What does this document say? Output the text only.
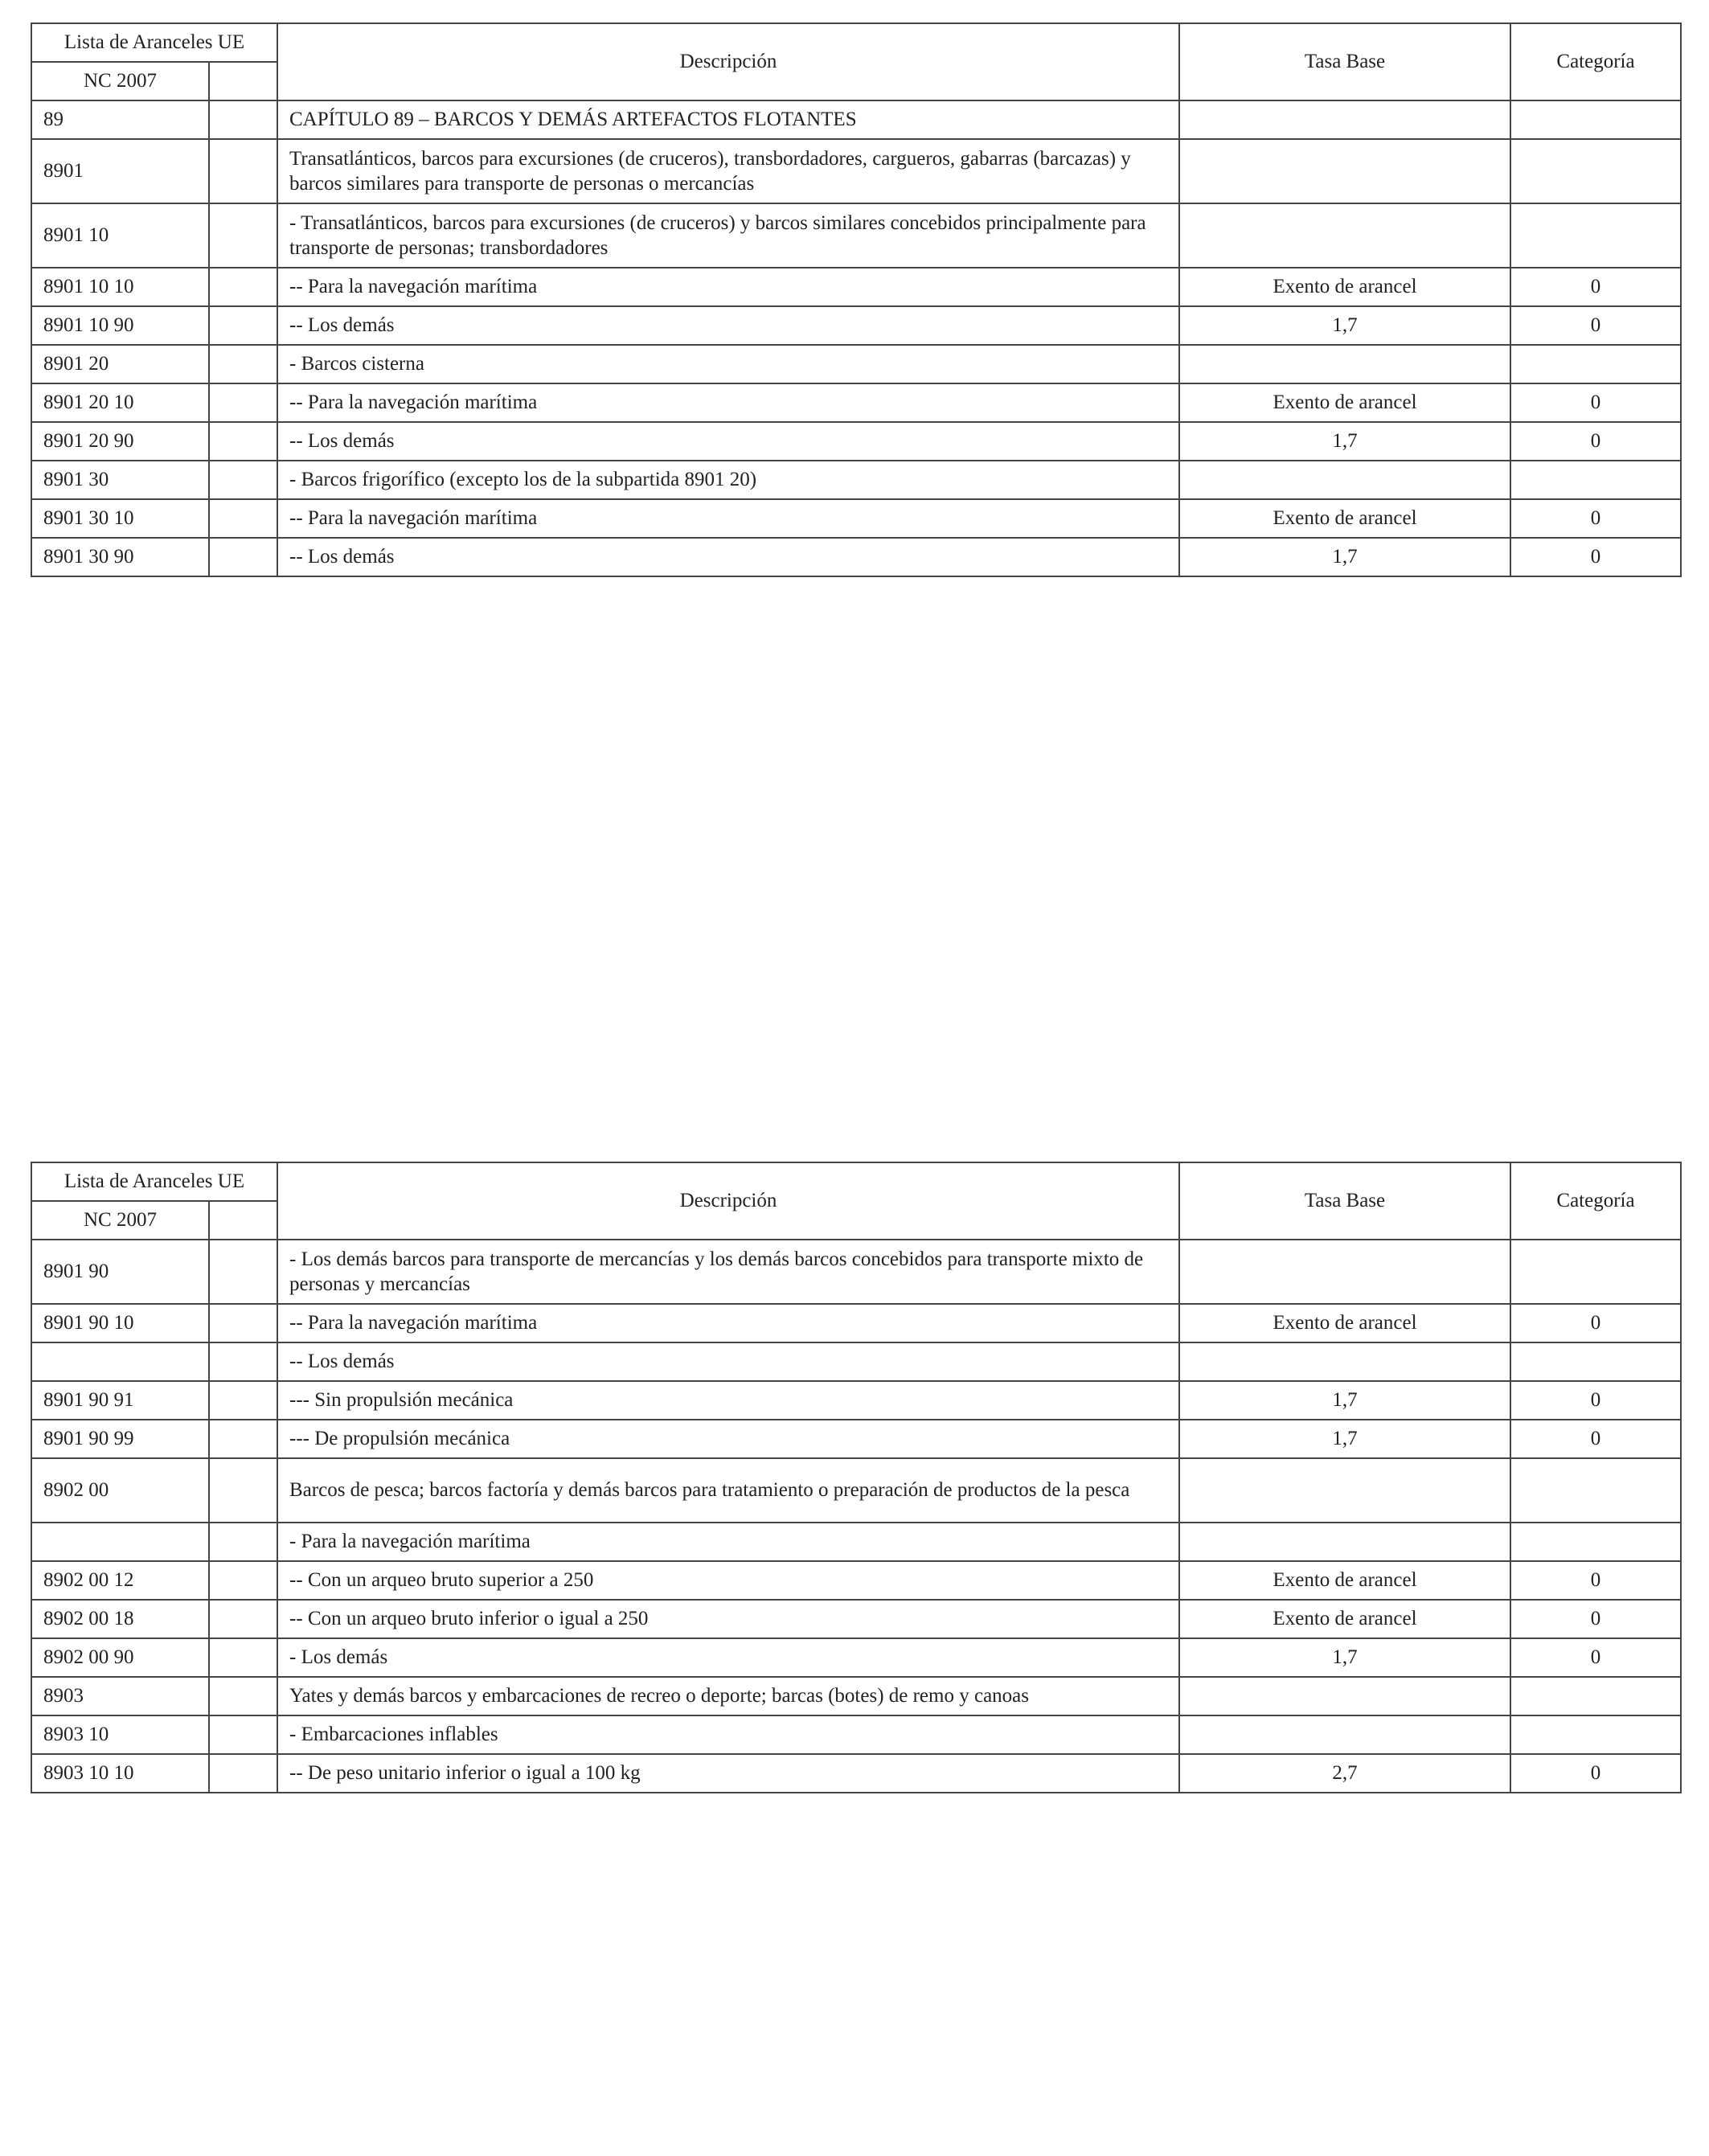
Lista de Aranceles UE		Descripción	Tasa Base	Categoría
NC 2007				
89		CAPÍTULO 89 – BARCOS Y DEMÁS ARTEFACTOS FLOTANTES		
8901		Transatlánticos, barcos para excursiones (de cruceros), transbordadores, cargueros, gabarras (barcazas) y barcos similares para transporte de personas o mercancías		
8901 10		- Transatlánticos, barcos para excursiones (de cruceros) y barcos similares concebidos principalmente para transporte de personas; transbordadores		
8901 10 10		-- Para la navegación marítima	Exento de arancel	0
8901 10 90		-- Los demás	1,7	0
8901 20		- Barcos cisterna		
8901 20 10		-- Para la navegación marítima	Exento de arancel	0
8901 20 90		-- Los demás	1,7	0
8901 30		- Barcos frigorífico (excepto los de la subpartida 8901 20)		
8901 30 10		-- Para la navegación marítima	Exento de arancel	0
8901 30 90		-- Los demás	1,7	0
Lista de Aranceles UE		Descripción	Tasa Base	Categoría
NC 2007				
8901 90		- Los demás barcos para transporte de mercancías y los demás barcos concebidos para transporte mixto de personas y mercancías		
8901 90 10		-- Para la navegación marítima	Exento de arancel	0
		-- Los demás		
8901 90 91		--- Sin propulsión mecánica	1,7	0
8901 90 99		--- De propulsión mecánica	1,7	0
8902 00		Barcos de pesca; barcos factoría y demás barcos para tratamiento o preparación de productos de la pesca		
		- Para la navegación marítima		
8902 00 12		-- Con un arqueo bruto superior a 250	Exento de arancel	0
8902 00 18		-- Con un arqueo bruto inferior o igual a 250	Exento de arancel	0
8902 00 90		- Los demás	1,7	0
8903		Yates y demás barcos y embarcaciones de recreo o deporte; barcas (botes) de remo y canoas		
8903 10		- Embarcaciones inflables		
8903 10 10		-- De peso unitario inferior o igual a 100 kg	2,7	0
